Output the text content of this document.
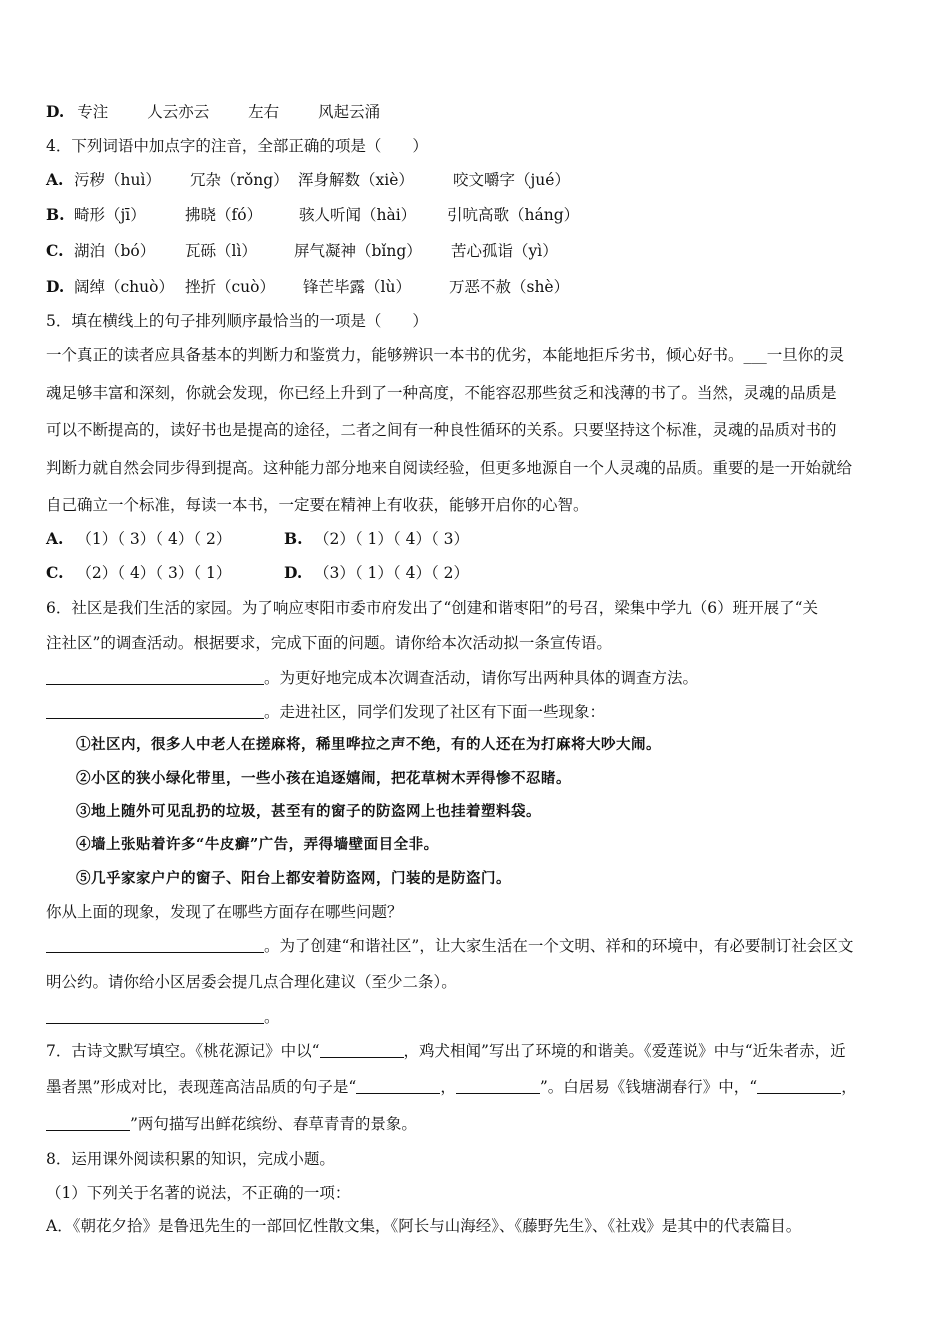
D. 专注	人云亦云	左右	风起云涌
4．下列词语中加点字的注音，全部正确的项是（　　）
A. 污秽（huì） 冗杂（rǒng） 浑身解数（xiè）	咬文嚼字（jué）
B. 畸形（jī）	拂晓（fó） 骇人听闻（hài） 引吭高歌（háng）
C. 湖泊（bó） 瓦砾（lì） 屏气凝神（bǐng） 苦心孤诣（yì）
D. 阔绰（chuò） 挫折（cuò） 锋芒毕露（lù） 万恶不赦（shè）
5．填在横线上的句子排列顺序最恰当的一项是（　　）
一个真正的读者应具备基本的判断力和鉴赏力，能够辨识一本书的优劣，本能地拒斥劣书，倾心好书。___一旦你的灵
魂足够丰富和深刻，你就会发现，你已经上升到了一种高度，不能容忍那些贫乏和浅薄的书了。当然，灵魂的品质是
可以不断提高的，读好书也是提高的途径，二者之间有一种良性循环的关系。只要坚持这个标准，灵魂的品质对书的
判断力就自然会同步得到提高。这种能力部分地来自阅读经验，但更多地源自一个人灵魂的品质。重要的是一开始就给
自己确立一个标准，每读一本书，一定要在精神上有收获，能够开启你的心智。
A. （1）（ 3）（ 4）（ 2）	B. （2）（ 1）（ 4）（ 3）
C. （2）（ 4）（ 3）（ 1）	D. （3）（ 1）（ 4）（ 2）
6．社区是我们生活的家园。为了响应枣阳市委市府发出了“创建和谐枣阳”的号召，梁集中学九（6）班开展了“关
注社区”的调查活动。根据要求，完成下面的问题。请你给本次活动拟一条宣传语。
。为更好地完成本次调查活动，请你写出两种具体的调查方法。
。走进社区，同学们发现了社区有下面一些现象：
①社区内，很多人中老人在搓麻将，稀里哗拉之声不绝，有的人还在为打麻将大吵大闹。
②小区的狭小绿化带里，一些小孩在追逐嬉闹，把花草树木弄得惨不忍睹。
③地上随外可见乱扔的垃圾，甚至有的窗子的防盗网上也挂着塑料袋。
④墙上张贴着许多“牛皮癣”广告，弄得墙壁面目全非。
⑤几乎家家户户的窗子、阳台上都安着防盗网，门装的是防盗门。
你从上面的现象，发现了在哪些方面存在哪些问题？
。为了创建“和谐社区”，让大家生活在一个文明、祥和的环境中，有必要制订社会区文
明公约。请你给小区居委会提几点合理化建议（至少二条）。
。
7．古诗文默写填空。《桃花源记》中以“	，鸡犬相闻”写出了环境的和谐美。《爱莲说》中与“近朱者赤，近
墨者黑”形成对比，表现莲高洁品质的句子是“	，	”。白居易《钱塘湖春行》中，“	，
”两句描写出鲜花缤纷、春草青青的景象。
8．运用课外阅读积累的知识，完成小题。
（1）下列关于名著的说法，不正确的一项：
A．《朝花夕拾》是鲁迅先生的一部回忆性散文集，《阿长与山海经》、《藤野先生》、《社戏》是其中的代表篇目。
